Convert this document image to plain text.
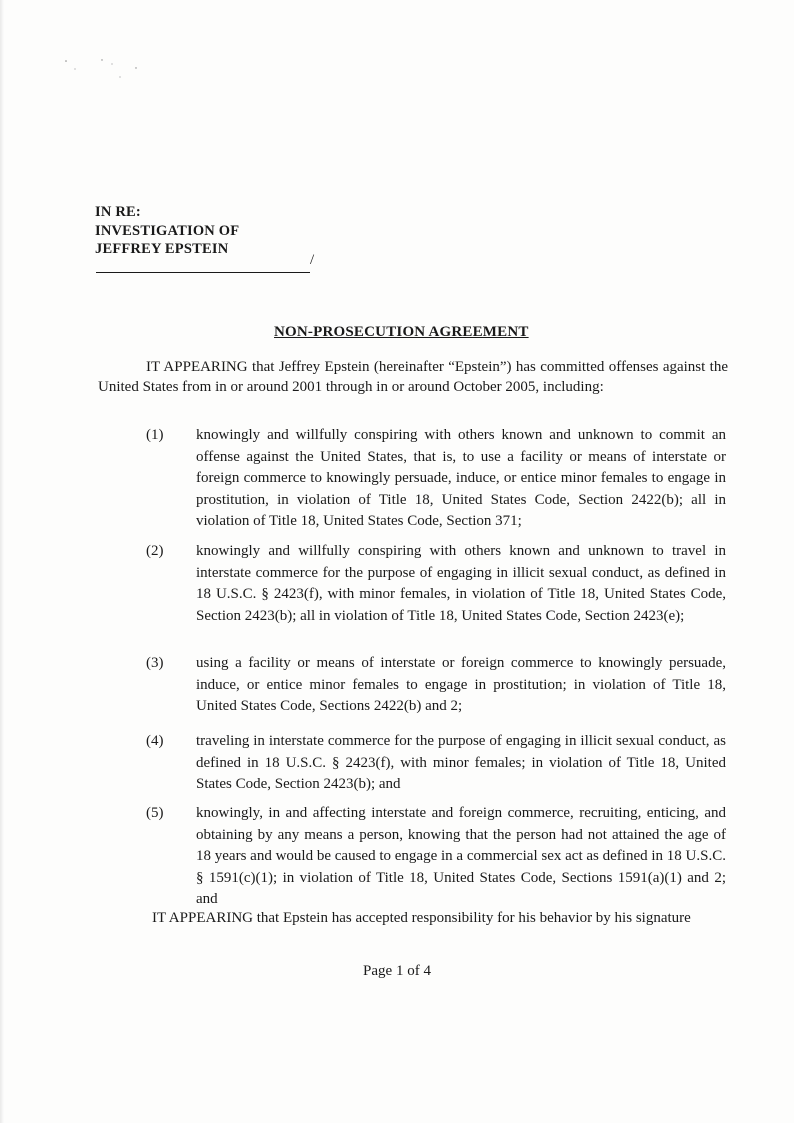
IN RE:
INVESTIGATION OF
JEFFREY EPSTEIN
/
NON-PROSECUTION AGREEMENT
IT APPEARING that Jeffrey Epstein (hereinafter “Epstein”) has committed offenses against the United States from in or around 2001 through in or around October 2005, including:
(1) knowingly and willfully conspiring with others known and unknown to commit an offense against the United States, that is, to use a facility or means of interstate or foreign commerce to knowingly persuade, induce, or entice minor females to engage in prostitution, in violation of Title 18, United States Code, Section 2422(b); all in violation of Title 18, United States Code, Section 371;
(2) knowingly and willfully conspiring with others known and unknown to travel in interstate commerce for the purpose of engaging in illicit sexual conduct, as defined in 18 U.S.C. § 2423(f), with minor females, in violation of Title 18, United States Code, Section 2423(b); all in violation of Title 18, United States Code, Section 2423(e);
(3) using a facility or means of interstate or foreign commerce to knowingly persuade, induce, or entice minor females to engage in prostitution; in violation of Title 18, United States Code, Sections 2422(b) and 2;
(4) traveling in interstate commerce for the purpose of engaging in illicit sexual conduct, as defined in 18 U.S.C. § 2423(f), with minor females; in violation of Title 18, United States Code, Section 2423(b); and
(5) knowingly, in and affecting interstate and foreign commerce, recruiting, enticing, and obtaining by any means a person, knowing that the person had not attained the age of 18 years and would be caused to engage in a commercial sex act as defined in 18 U.S.C. § 1591(c)(1); in violation of Title 18, United States Code, Sections 1591(a)(1) and 2; and
IT APPEARING that Epstein has accepted responsibility for his behavior by his signature
Page 1 of 4
